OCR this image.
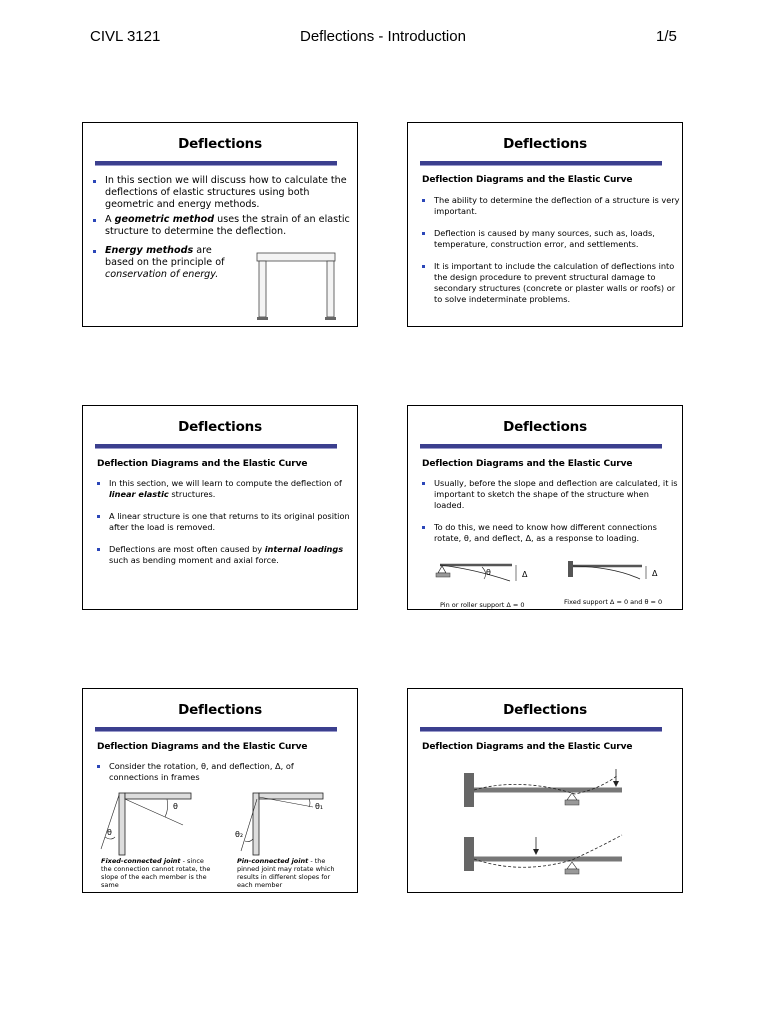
CIVL 3121	Deflections - Introduction	1/5
Deflections
In this section we will discuss how to calculate the deflections of elastic structures using both geometric and energy methods.
A geometric method uses the strain of an elastic structure to determine the deflection.
Energy methods are based on the principle of conservation of energy.
Deflections
Deflection Diagrams and the Elastic Curve
The ability to determine the deflection of a structure is very important.
Deflection is caused by many sources, such as, loads, temperature, construction error, and settlements.
It is important to include the calculation of deflections into the design procedure to prevent structural damage to secondary structures (concrete or plaster walls or roofs) or to solve indeterminate problems.
Deflections
Deflection Diagrams and the Elastic Curve
In this section, we will learn to compute the deflection of linear elastic structures.
A linear structure is one that returns to its original position after the load is removed.
Deflections are most often caused by internal loadings such as bending moment and axial force.
Deflections
Deflection Diagrams and the Elastic Curve
Usually, before the slope and deflection are calculated, it is important to sketch the shape of the structure when loaded.
To do this, we need to know how different connections rotate, θ, and deflect, Δ, as a response to loading.
θ	Δ
Pin or roller support Δ = 0
Δ
Fixed support Δ = 0 and θ = 0
Deflections
Deflection Diagrams and the Elastic Curve
Consider the rotation, θ, and deflection, Δ, of connections in frames
θ
θ
Fixed-connected joint - since the connection cannot rotate, the slope of the each member is the same
θ₁
θ₂
Pin-connected joint - the pinned joint may rotate which results in different slopes for each member
Deflections
Deflection Diagrams and the Elastic Curve
